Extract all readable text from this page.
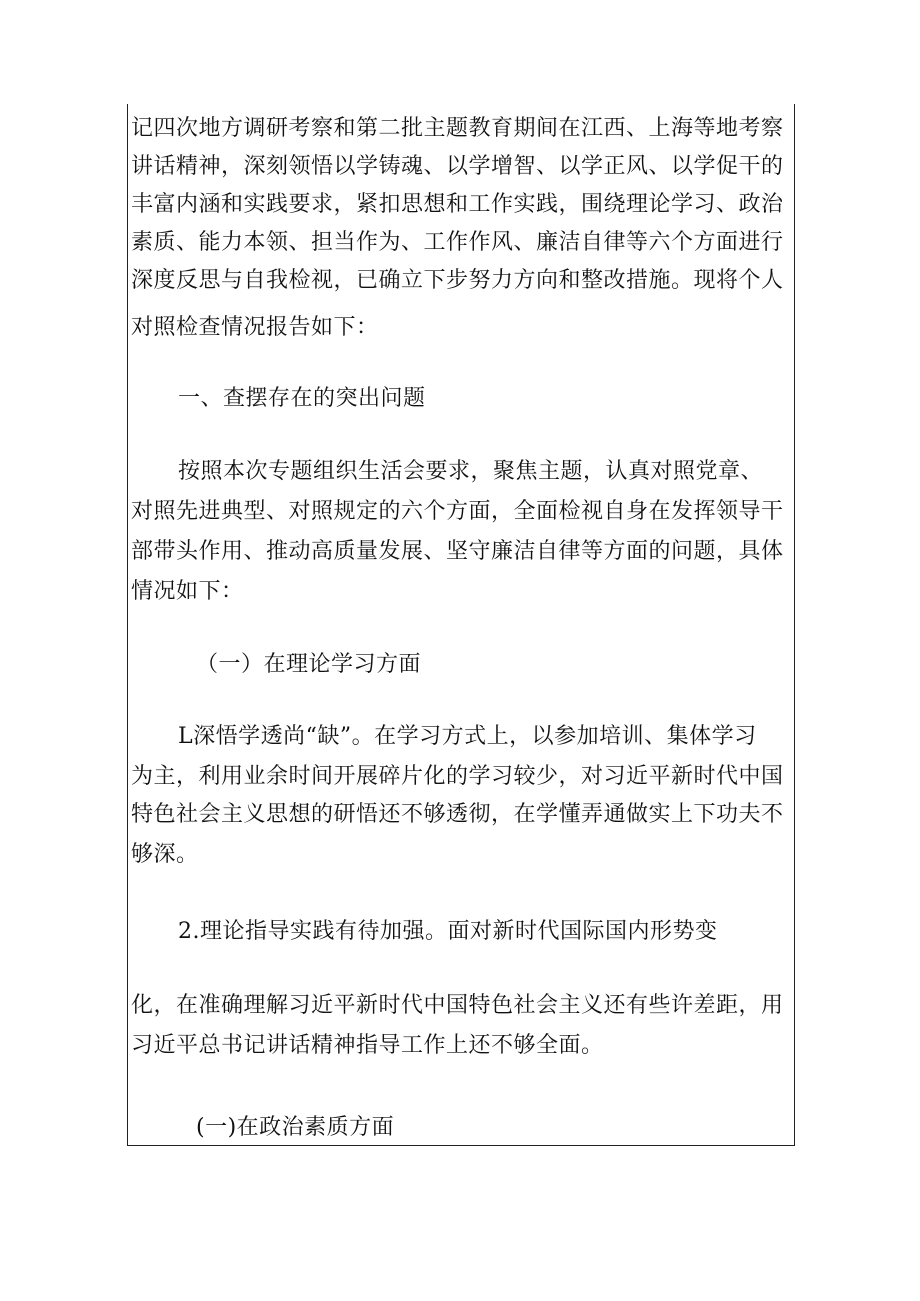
记四次地方调研考察和第二批主题教育期间在江西、上海等地考察
讲话精神，深刻领悟以学铸魂、以学增智、以学正风、以学促干的
丰富内涵和实践要求，紧扣思想和工作实践，围绕理论学习、政治
素质、能力本领、担当作为、工作作风、廉洁自律等六个方面进行
深度反思与自我检视，已确立下步努力方向和整改措施。现将个人
对照检查情况报告如下：
一、查摆存在的突出问题
按照本次专题组织生活会要求，聚焦主题，认真对照党章、
对照先进典型、对照规定的六个方面，全面检视自身在发挥领导干
部带头作用、推动高质量发展、坚守廉洁自律等方面的问题，具体
情况如下：
（一）在理论学习方面
L深悟学透尚“缺”。在学习方式上，以参加培训、集体学习
为主，利用业余时间开展碎片化的学习较少，对习近平新时代中国
特色社会主义思想的研悟还不够透彻，在学懂弄通做实上下功夫不
够深。
2.理论指导实践有待加强。面对新时代国际国内形势变
化，在准确理解习近平新时代中国特色社会主义还有些许差距，用
习近平总书记讲话精神指导工作上还不够全面。
(一)在政治素质方面
